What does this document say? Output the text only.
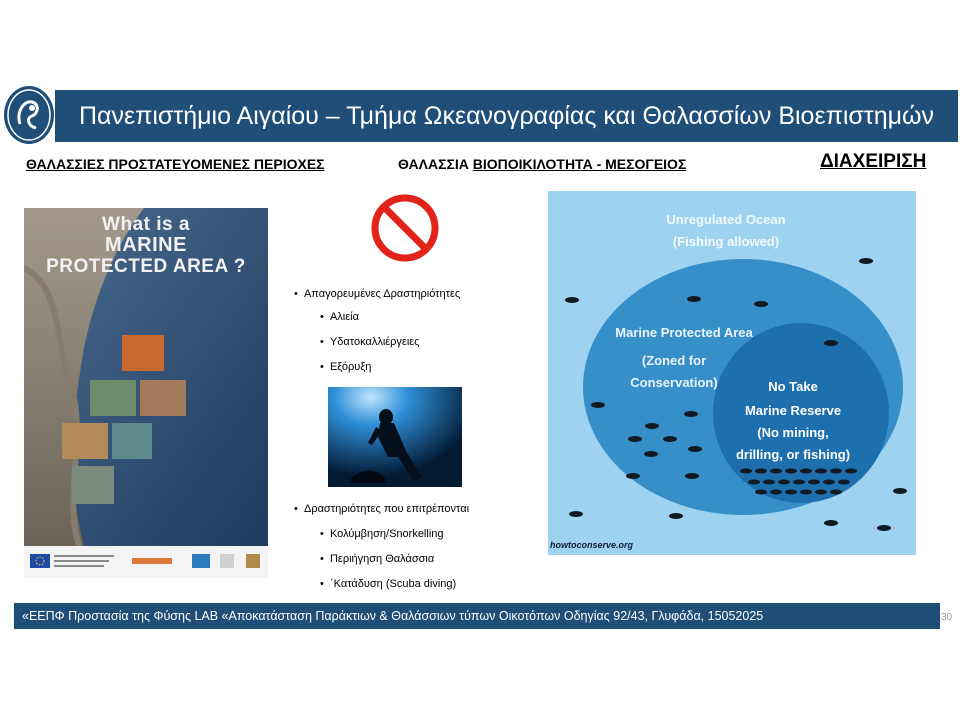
Πανεπιστήμιο Αιγαίου – Τμήμα Ωκεανογραφίας και Θαλασσίων Βιοεπιστημών
ΘΑΛΑΣΣΙΕΣ ΠΡΟΣΤΑΤΕΥΟΜΕΝΕΣ ΠΕΡΙΟΧΕΣ	ΘΑΛΑΣΣΙΑ ΒΙΟΠΟΙΚΙΛΟΤΗΤΑ - ΜΕΣΟΓΕΙΟΣ	ΔΙΑΧΕΙΡΙΣΗ
What is a
MARINE
PROTECTED AREA ?
•  Απαγορευμένες Δραστηριότητες
•  Αλιεία
•  Υδατοκαλλιέργειες
•  Εξόρυξη
•  Δραστηριότητες που επιτρέπονται
•  Κολύμβηση/Snorkelling
•  Περιήγηση Θαλάσσια
•  ΄Κατάδυση (Scuba diving)
Unregulated Ocean
(Fishing allowed)
Marine Protected Area
(Zoned for
Conservation)	No Take
Marine Reserve
(No mining,
drilling, or fishing)
howtoconserve.org
«ΕΕΠΦ Προστασία της Φύσης LAB «Αποκατάσταση Παράκτιων & Θαλάσσιων τύπων Οικοτόπων Οδηγίας 92/43, Γλυφάδα, 15052025	30
